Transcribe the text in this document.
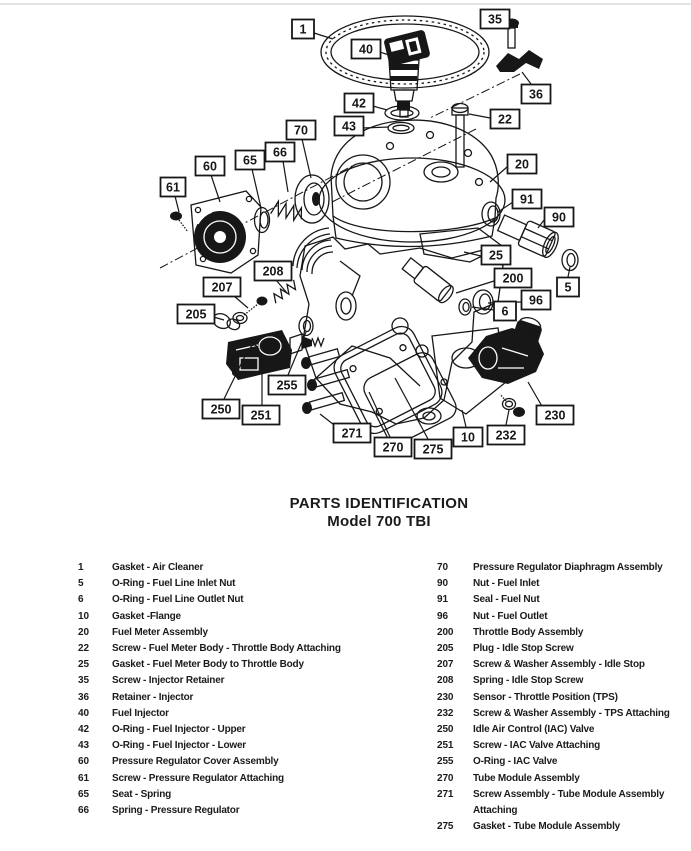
1
40
35
36
42
43	22
70
20
60
61
65
66
91
90
25
200
5
96
6
208
207
205
255
250 251
271
270 275
10 232
230
PARTS IDENTIFICATION
Model 700 TBI
1	Gasket - Air Cleaner
5	O-Ring - Fuel Line Inlet Nut
6	O-Ring - Fuel Line Outlet Nut
10	Gasket -Flange
20	Fuel Meter Assembly
22	Screw - Fuel Meter Body - Throttle Body Attaching
25	Gasket - Fuel Meter Body to Throttle Body
35	Screw - Injector Retainer
36	Retainer - Injector
40	Fuel Injector
42	O-Ring - Fuel Injector - Upper
43	O-Ring - Fuel Injector - Lower
60	Pressure Regulator Cover Assembly
61	Screw - Pressure Regulator Attaching
65	Seat - Spring
66	Spring - Pressure Regulator
70	Pressure Regulator Diaphragm Assembly
90	Nut - Fuel Inlet
91	Seal - Fuel Nut
96	Nut - Fuel Outlet
200	Throttle Body Assembly
205	Plug - Idle Stop Screw
207	Screw & Washer Assembly - Idle Stop
208	Spring - Idle Stop Screw
230	Sensor - Throttle Position (TPS)
232	Screw & Washer Assembly - TPS Attaching
250	Idle Air Control (IAC) Valve
251	Screw - IAC Valve Attaching
255	O-Ring - IAC Valve
270	Tube Module Assembly
271	Screw Assembly - Tube Module Assembly Attaching
275	Gasket - Tube Module Assembly
